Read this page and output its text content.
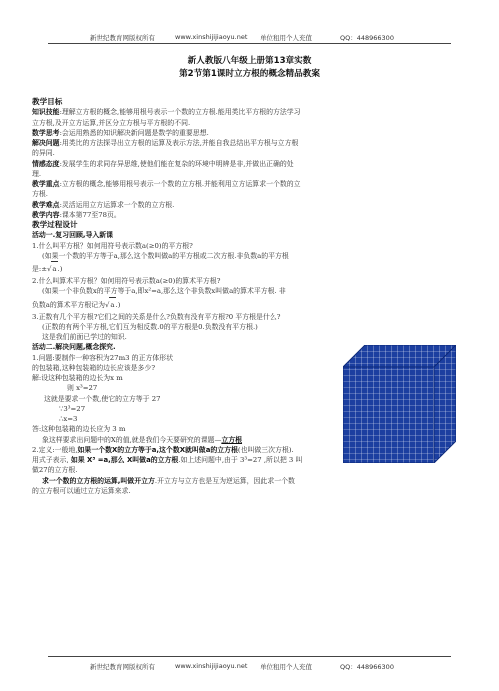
新世纪教育网版权所有	www.xinshijijiaoyu.net 单位租用个人充值	QQ：448966300
新人教版八年级上册第13章实数
第2节第1课时立方根的概念精品教案

教学目标

知识技能:理解立方根的概念,能够用根号表示一个数的立方根.能用类比平方根的方法学习

立方根,及开立方运算,并区分立方根与平方根的不同.

数学思考:会运用熟悉的知识解决新问题是数学的重要思想.

解决问题:用类比的方法探寻出立方根的运算及表示方法,并能自我总结出平方根与立方根

的异同.

情感态度:发展学生的求同存异思维,使他们能在复杂的环境中明辨是非,并做出正确的处

理.

教学重点:立方根的概念,能够用根号表示一个数的立方根.并能利用立方运算求一个数的立

方根.

教学难点:灵活运用立方运算求一个数的立方根.

教学内容:课本第77至78页。

教学过程设计

活动一.复习回顾,导入新课

1.什么叫平方根？如何用符号表示数a(≥0)的平方根?

(如果一个数的平方等于a,那么这个数叫做a的平方根或二次方根.非负数a的平方根

是:±√a.)

2.什么叫算术平方根？如何用符号表示数a(≥0)的算术平方根?

(如果一个非负数x的平方等于a,即x²=a,那么这个非负数x叫做a的算术平方根. 非

负数a的算术平方根记为√a.)

3.正数有几个平方根?它们之间的关系是什么?负数有没有平方根?0 平方根是什么?

(正数的有两个平方根,它们互为相反数.0的平方根是0.负数没有平方根.)

这是我们前面已学过的知识.

活动二.解决问题,概念探究.

1.问题:要制作一种容积为27m3 的正方体形状

的包装箱,这种包装箱的边长应该是多少?

解:设这种包装箱的边长为x m

则 x³=27

这就是要求一个数,使它的立方等于 27

∵3³=27

∴x=3

答:这种包装箱的边长应为 3 m

象这样要求出问题中的X的值,就是我们今天要研究的课题—立方根

2.定义:一般地,如果一个数X的立方等于a,这个数X就叫做a的立方根(也叫做三次方根).

用式子表示, 如果 X³ =a,那么 X叫做a的立方根.如上述问题中,由于 3³=27 ,所以把 3 叫

做27的立方根.

求一个数的立方根的运算,叫做开立方.开立方与立方也是互为逆运算，因此求一个数

的立方根可以通过立方运算来求.

新世纪教育网版权所有	www.xinshijijiaoyu.net 单位租用个人充值	QQ：448966300
